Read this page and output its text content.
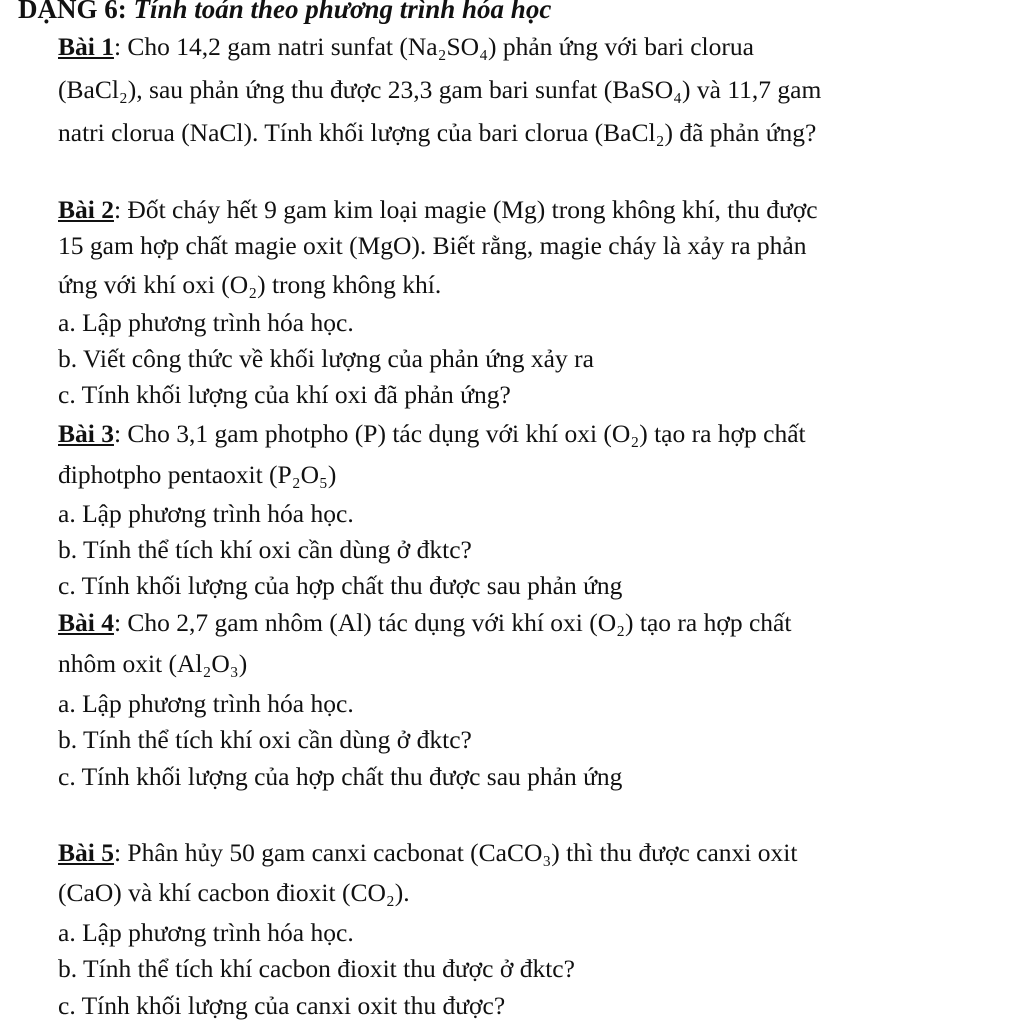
DẠNG 6: Tính toán theo phương trình hóa học
Bài 1: Cho 14,2 gam natri sunfat (Na₂SO₄) phản ứng với bari clorua
(BaCl₂), sau phản ứng thu được 23,3 gam bari sunfat (BaSO₄) và 11,7 gam
natri clorua (NaCl). Tính khối lượng của bari clorua (BaCl₂) đã phản ứng?
Bài 2: Đốt cháy hết 9 gam kim loại magie (Mg) trong không khí, thu được
15 gam hợp chất magie oxit (MgO). Biết rằng, magie cháy là xảy ra phản
ứng với khí oxi (O₂) trong không khí.
a. Lập phương trình hóa học.
b. Viết công thức về khối lượng của phản ứng xảy ra
c. Tính khối lượng của khí oxi đã phản ứng?
Bài 3: Cho 3,1 gam photpho (P) tác dụng với khí oxi (O₂) tạo ra hợp chất
điphotpho pentaoxit (P₂O₅)
a. Lập phương trình hóa học.
b. Tính thể tích khí oxi cần dùng ở đktc?
c. Tính khối lượng của hợp chất thu được sau phản ứng
Bài 4: Cho 2,7 gam nhôm (Al) tác dụng với khí oxi (O₂) tạo ra hợp chất
nhôm oxit (Al₂O₃)
a. Lập phương trình hóa học.
b. Tính thể tích khí oxi cần dùng ở đktc?
c. Tính khối lượng của hợp chất thu được sau phản ứng
Bài 5: Phân hủy 50 gam canxi cacbonat (CaCO₃) thì thu được canxi oxit
(CaO) và khí cacbon đioxit (CO₂).
a. Lập phương trình hóa học.
b. Tính thể tích khí cacbon đioxit thu được ở đktc?
c. Tính khối lượng của canxi oxit thu được?
